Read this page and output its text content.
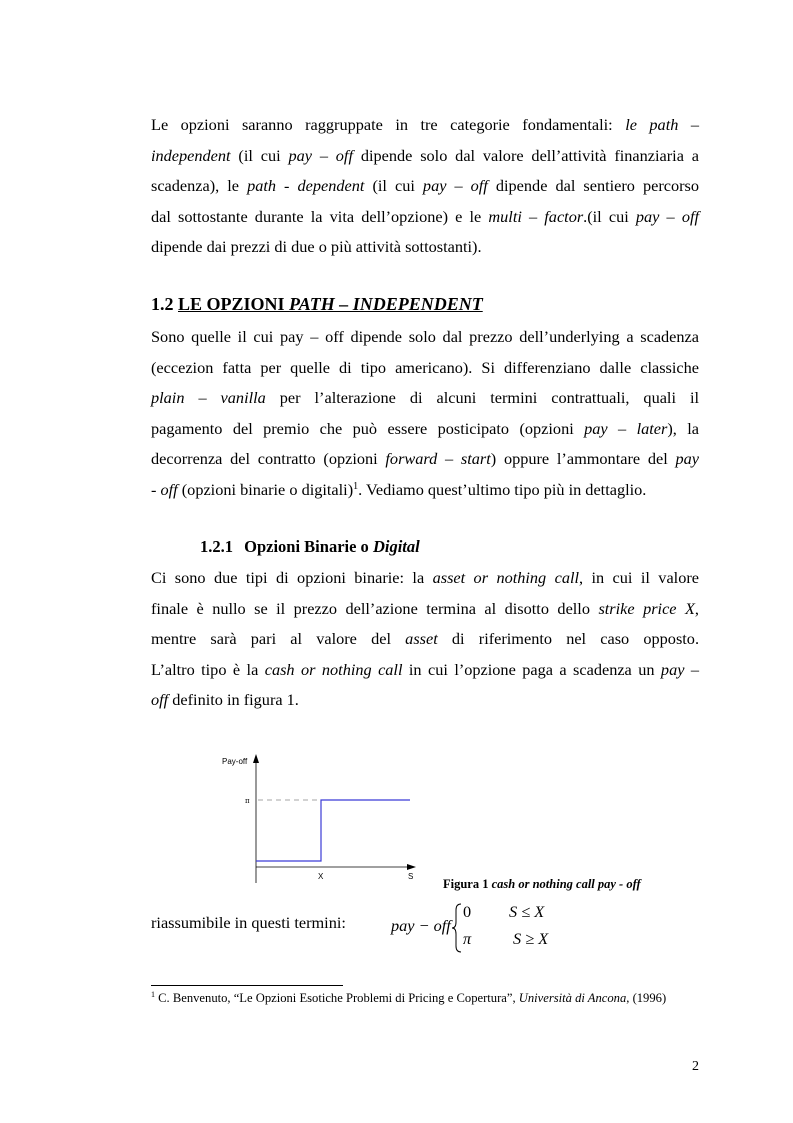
Le opzioni saranno raggruppate in tre categorie fondamentali: le path –
independent (il cui pay – off dipende solo dal valore dell’attività finanziaria a
scadenza), le path - dependent (il cui pay – off dipende dal sentiero percorso
dal sottostante durante la vita dell’opzione) e le multi – factor.(il cui pay – off
dipende dai prezzi di due o più attività sottostanti).
1.2 LE OPZIONI PATH – INDEPENDENT
Sono quelle il cui pay – off dipende solo dal prezzo dell’underlying a scadenza
(eccezion fatta per quelle di tipo americano). Si differenziano dalle classiche
plain – vanilla per l’alterazione di alcuni termini contrattuali, quali il
pagamento del premio che può essere posticipato (opzioni pay – later), la
decorrenza del contratto (opzioni forward – start) oppure l’ammontare del pay
- off (opzioni binarie o digitali)$^1$. Vediamo quest’ultimo tipo più in dettaglio.
1.2.1 Opzioni Binarie o Digital
Ci sono due tipi di opzioni binarie: la asset or nothing call, in cui il valore
finale è nullo se il prezzo dell’azione termina al disotto dello strike price X,
mentre sarà pari al valore del asset di riferimento nel caso opposto.
L’altro tipo è la cash or nothing call in cui l’opzione paga a scadenza un pay –
off definito in figura 1.
Pay-off
S
X
π
Figura 1 cash or nothing call pay - off
riassumibile in questi termini:	pay − off
0 S ≤ X
π	S ≥ X
$^1$ C. Benvenuto, “Le Opzioni Esotiche Problemi di Pricing e Copertura”, Università di Ancona, (1996)
2
